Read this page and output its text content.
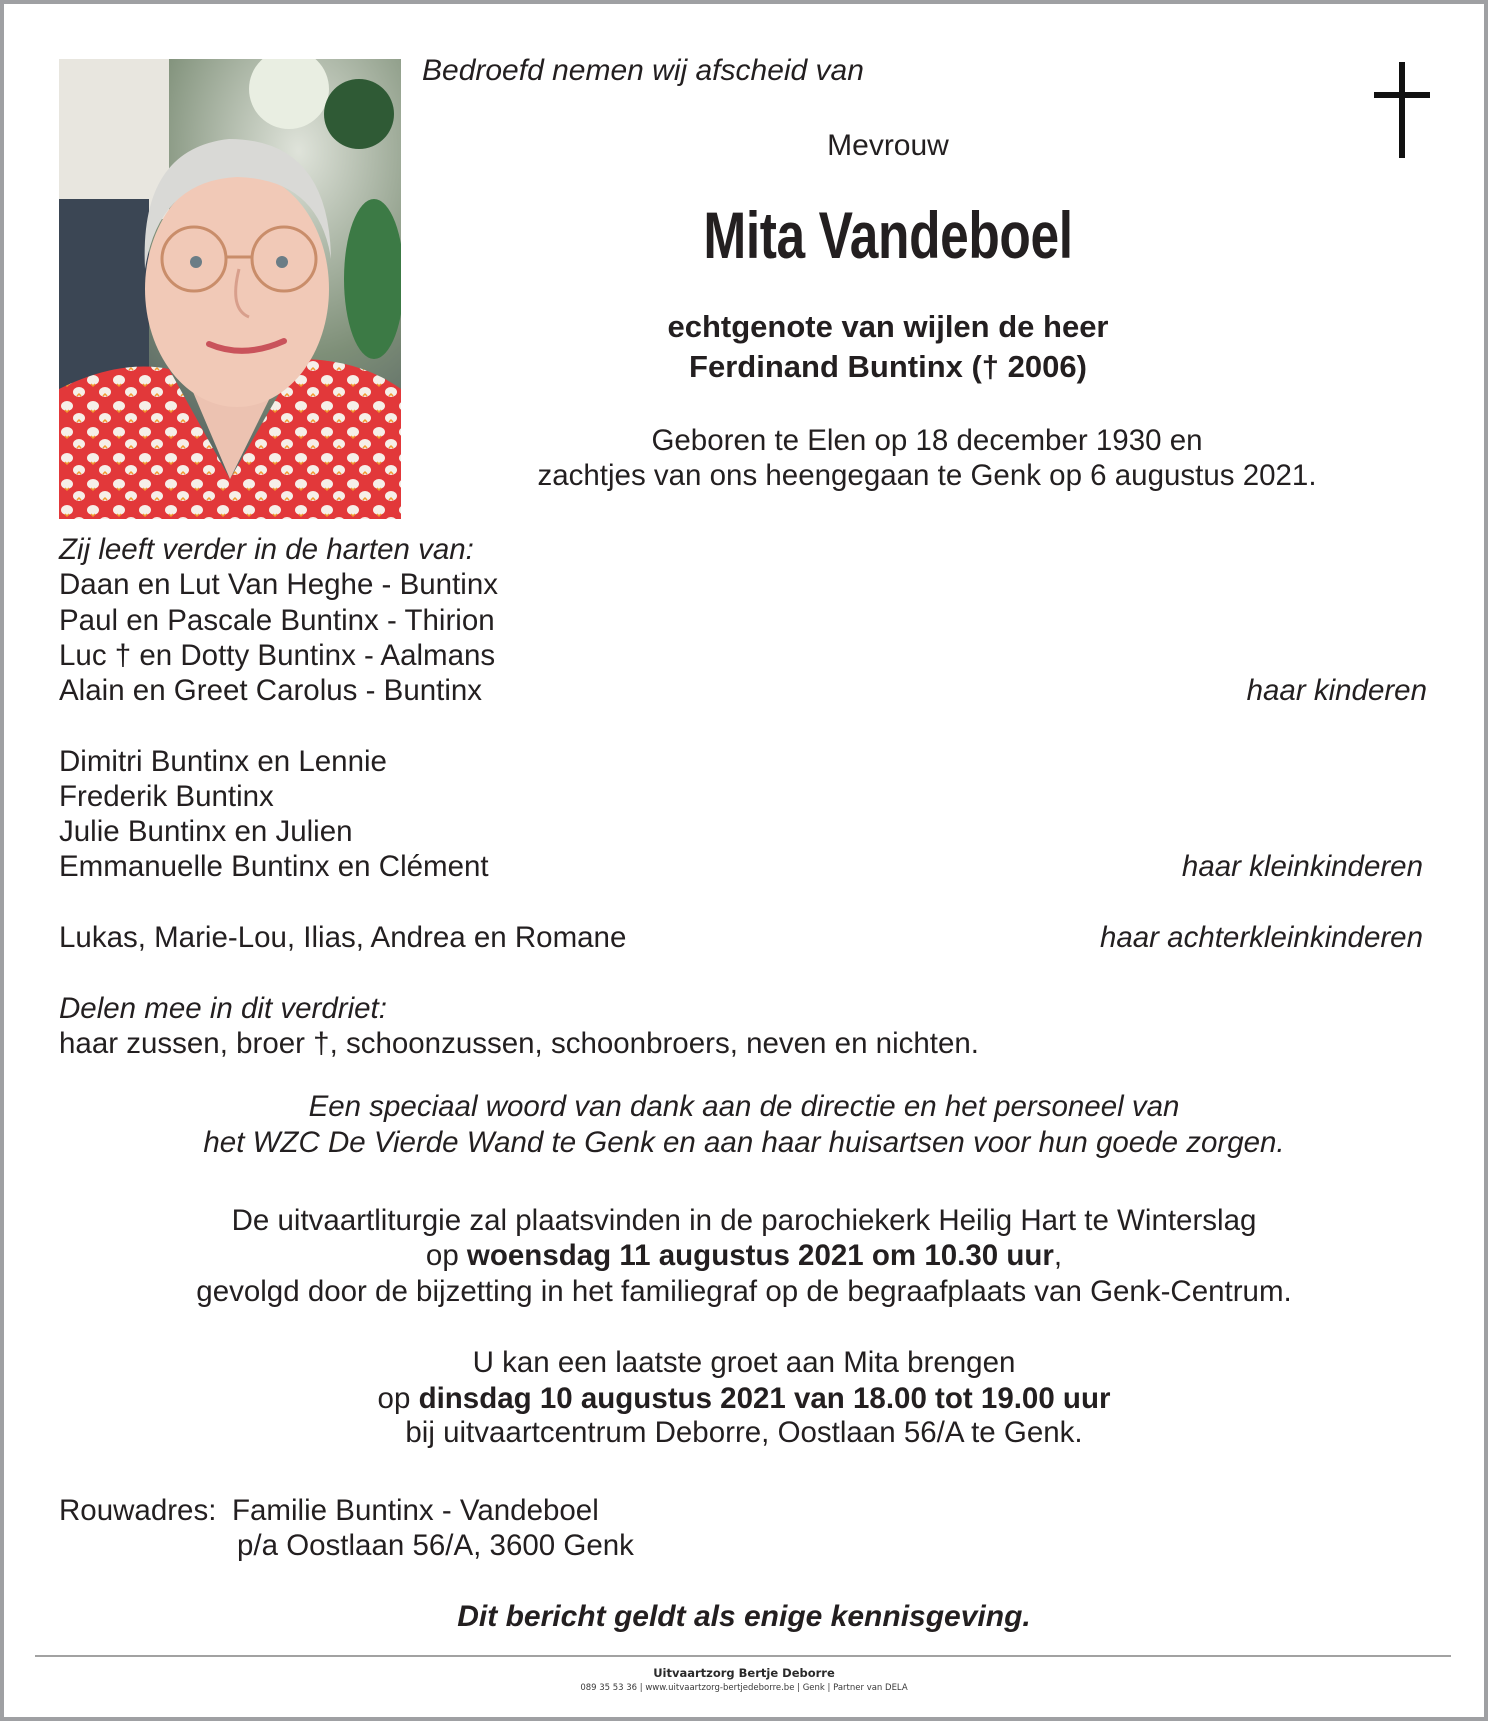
Bedroefd nemen wij afscheid van
Mevrouw
Mita Vandeboel
echtgenote van wijlen de heer
Ferdinand Buntinx († 2006)
Geboren te Elen op 18 december 1930 en
zachtjes van ons heengegaan te Genk op 6 augustus 2021.
Zij leeft verder in de harten van:
Daan en Lut Van Heghe - Buntinx
Paul en Pascale Buntinx - Thirion
Luc † en Dotty Buntinx - Aalmans
Alain en Greet Carolus - Buntinx	haar kinderen
Dimitri Buntinx en Lennie
Frederik Buntinx
Julie Buntinx en Julien
Emmanuelle Buntinx en Clément	haar kleinkinderen
Lukas, Marie-Lou, Ilias, Andrea en Romane	haar achterkleinkinderen
Delen mee in dit verdriet:
haar zussen, broer †, schoonzussen, schoonbroers, neven en nichten.
Een speciaal woord van dank aan de directie en het personeel van
het WZC De Vierde Wand te Genk en aan haar huisartsen voor hun goede zorgen.
De uitvaartliturgie zal plaatsvinden in de parochiekerk Heilig Hart te Winterslag
op woensdag 11 augustus 2021 om 10.30 uur,
gevolgd door de bijzetting in het familiegraf op de begraafplaats van Genk-Centrum.
U kan een laatste groet aan Mita brengen
op dinsdag 10 augustus 2021 van 18.00 tot 19.00 uur
bij uitvaartcentrum Deborre, Oostlaan 56/A te Genk.
Rouwadres: Familie Buntinx - Vandeboel
p/a Oostlaan 56/A, 3600 Genk
Dit bericht geldt als enige kennisgeving.
Uitvaartzorg Bertje Deborre
089 35 53 36 | www.uitvaartzorg-bertjedeborre.be | Genk | Partner van DELA
